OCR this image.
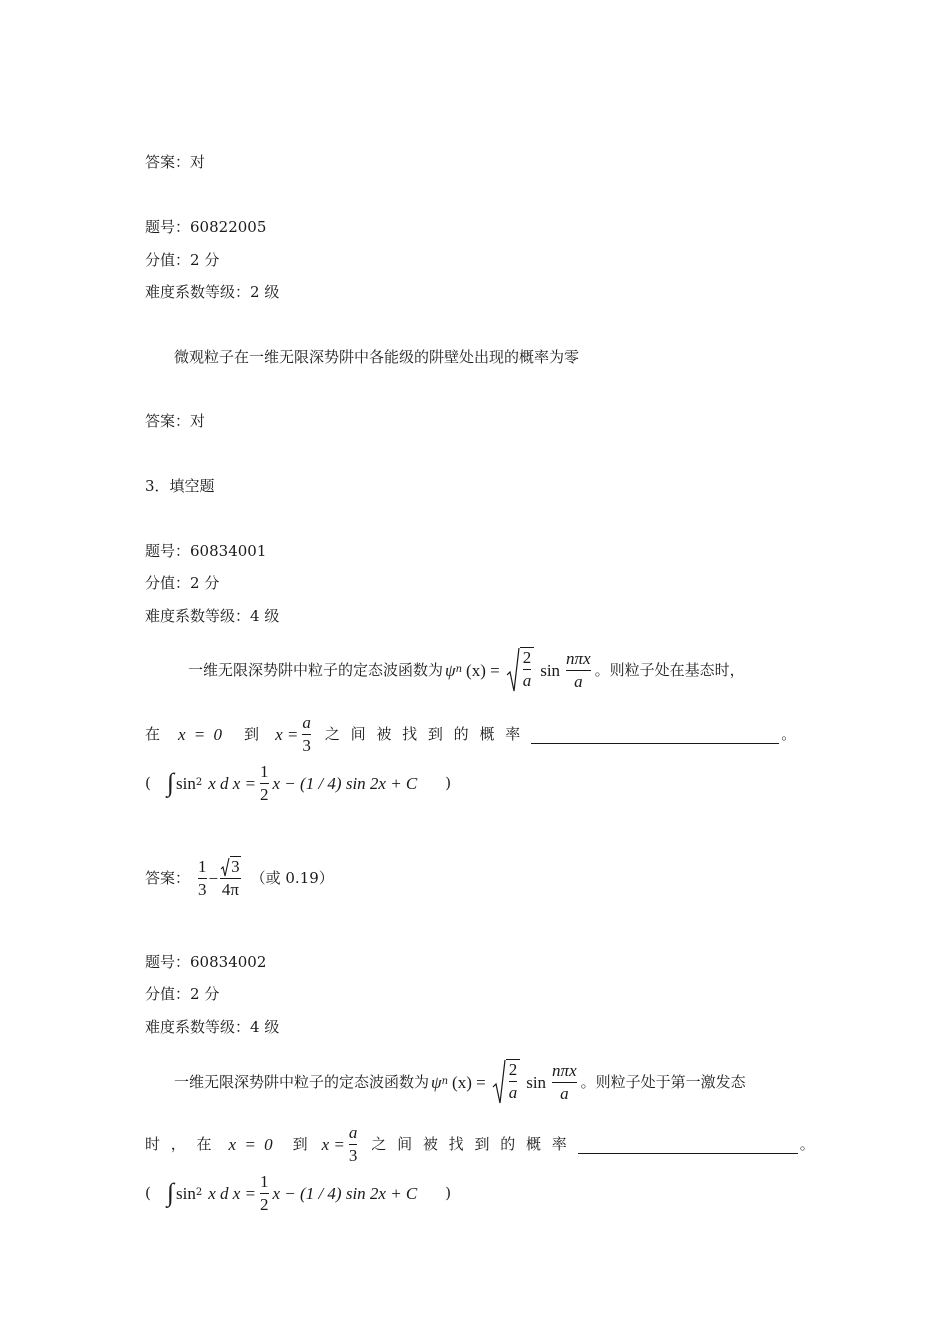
答案：对
题号：60822005
分值：2 分
难度系数等级：2 级
微观粒子在一维无限深势阱中各能级的阱壁处出现的概率为零
答案：对
3．填空题
题号：60834001
分值：2 分
难度系数等级：4 级
一维无限深势阱中粒子的定态波函数为 ψ n $(x) = \frac{2}{a}$ $\sin \frac{\text{nπx}}{a}$ 。则粒子处在基态时，
在 x = 0 到 $x = \frac{a}{3}$ 之 间 被 找 到 的 概 率	。
( ∫ sin 2 x d $x = \frac{1}{2}$ x − (1 / 4) sin 2x + C )
答案： $\frac{1}{3} - \frac{3}{4\pi}$ （或 0.19）
题号：60834002
分值：2 分
难度系数等级：4 级
一维无限深势阱中粒子的定态波函数为 ψ n $(x) = \frac{2}{a}$ $\sin \frac{\text{nπx}}{a}$ 。则粒子处于第一激发态
时 ， 在 x = 0 到 $x = \frac{a}{3}$ 之 间 被 找 到 的 概 率	。
( ∫ sin 2 x d $x = \frac{1}{2}$ x − (1 / 4) sin 2x + C )
